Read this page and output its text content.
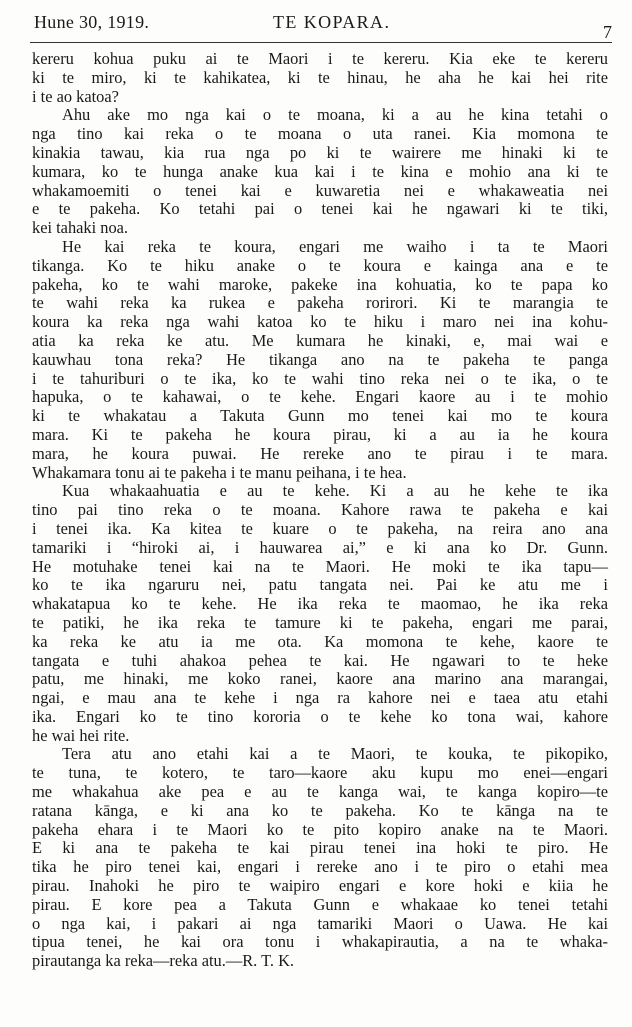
Hune 30, 1919.	TE KOPARA.	7
kereru kohua puku ai te Maori i te kereru. Kia eke te kereru
ki te miro, ki te kahikatea, ki te hinau, he aha he kai hei rite
i te ao katoa?
Ahu ake mo nga kai o te moana, ki a au he kina tetahi o
nga tino kai reka o te moana o uta ranei. Kia momona te
kinakia tawau, kia rua nga po ki te wairere me hinaki ki te
kumara, ko te hunga anake kua kai i te kina e mohio ana ki te
whakamoemiti o tenei kai e kuwaretia nei e whakaweatia nei
e te pakeha. Ko tetahi pai o tenei kai he ngawari ki te tiki,
kei tahaki noa.
He kai reka te koura, engari me waiho i ta te Maori
tikanga. Ko te hiku anake o te koura e kainga ana e te
pakeha, ko te wahi maroke, pakeke ina kohuatia, ko te papa ko
te wahi reka ka rukea e pakeha rorirori. Ki te marangia te
koura ka reka nga wahi katoa ko te hiku i maro nei ina kohu-
atia ka reka ke atu. Me kumara he kinaki, e, mai wai e
kauwhau tona reka? He tikanga ano na te pakeha te panga
i te tahuriburi o te ika, ko te wahi tino reka nei o te ika, o te
hapuka, o te kahawai, o te kehe. Engari kaore au i te mohio
ki te whakatau a Takuta Gunn mo tenei kai mo te koura
mara. Ki te pakeha he koura pirau, ki a au ia he koura
mara, he koura puwai. He rereke ano te pirau i te mara.
Whakamara tonu ai te pakeha i te manu peihana, i te hea.
Kua whakaahuatia e au te kehe. Ki a au he kehe te ika
tino pai tino reka o te moana. Kahore rawa te pakeha e kai
i tenei ika. Ka kitea te kuare o te pakeha, na reira ano ana
tamariki i “hiroki ai, i hauwarea ai,” e ki ana ko Dr. Gunn.
He motuhake tenei kai na te Maori. He moki te ika tapu—
ko te ika ngaruru nei, patu tangata nei. Pai ke atu me i
whakatapua ko te kehe. He ika reka te maomao, he ika reka
te patiki, he ika reka te tamure ki te pakeha, engari me parai,
ka reka ke atu ia me ota. Ka momona te kehe, kaore te
tangata e tuhi ahakoa pehea te kai. He ngawari to te heke
patu, me hinaki, me koko ranei, kaore ana marino ana marangai,
ngai, e mau ana te kehe i nga ra kahore nei e taea atu etahi
ika. Engari ko te tino kororia o te kehe ko tona wai, kahore
he wai hei rite.
Tera atu ano etahi kai a te Maori, te kouka, te pikopiko,
te tuna, te kotero, te taro—kaore aku kupu mo enei—engari
me whakahua ake pea e au te kanga wai, te kanga kopiro—te
ratana kānga, e ki ana ko te pakeha. Ko te kānga na te
pakeha ehara i te Maori ko te pito kopiro anake na te Maori.
E ki ana te pakeha te kai pirau tenei ina hoki te piro. He
tika he piro tenei kai, engari i rereke ano i te piro o etahi mea
pirau. Inahoki he piro te waipiro engari e kore hoki e kiia he
pirau. E kore pea a Takuta Gunn e whakaae ko tenei tetahi
o nga kai, i pakari ai nga tamariki Maori o Uawa. He kai
tipua tenei, he kai ora tonu i whakapirautia, a na te whaka-
pirautanga ka reka—reka atu.—R. T. K.
